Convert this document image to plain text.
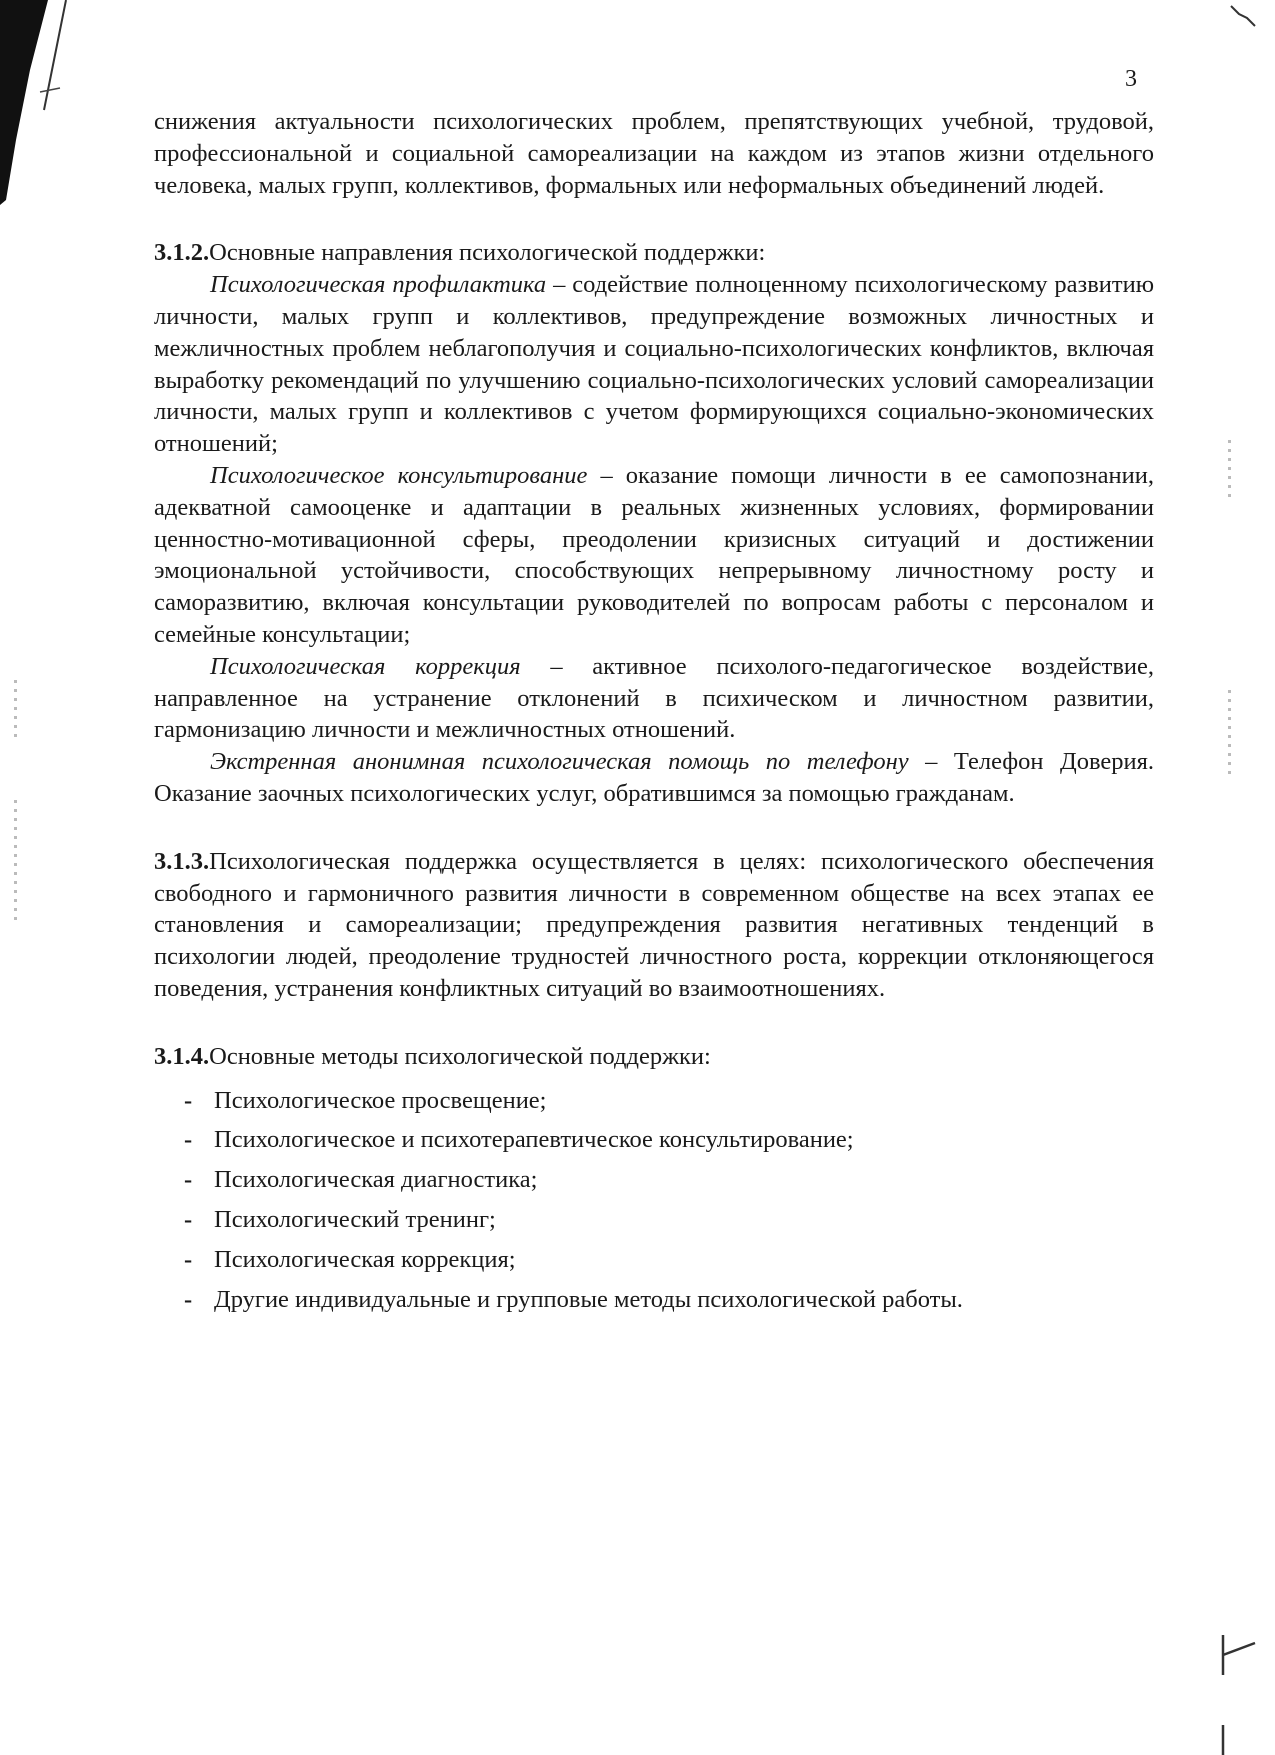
3

снижения актуальности психологических проблем, препятствующих учебной, трудовой, профессиональной и социальной самореализации на каждом из этапов жизни отдельного человека, малых групп, коллективов, формальных или неформальных объединений людей.

3.1.2.Основные направления психологической поддержки:

Психологическая профилактика – содействие полноценному психологическому развитию личности, малых групп и коллективов, предупреждение возможных личностных и межличностных проблем неблагополучия и социально-психологических конфликтов, включая выработку рекомендаций по улучшению социально-психологических условий самореализации личности, малых групп и коллективов с учетом формирующихся социально-экономических отношений;

Психологическое консультирование – оказание помощи личности в ее самопознании, адекватной самооценке и адаптации в реальных жизненных условиях, формировании ценностно-мотивационной сферы, преодолении кризисных ситуаций и достижении эмоциональной устойчивости, способствующих непрерывному личностному росту и саморазвитию, включая консультации руководителей по вопросам работы с персоналом и семейные консультации;

Психологическая коррекция – активное психолого-педагогическое воздействие, направленное на устранение отклонений в психическом и личностном развитии, гармонизацию личности и межличностных отношений.

Экстренная анонимная психологическая помощь по телефону – Телефон Доверия. Оказание заочных психологических услуг, обратившимся за помощью гражданам.

3.1.3.Психологическая поддержка осуществляется в целях: психологического обеспечения свободного и гармоничного развития личности в современном обществе на всех этапах ее становления и самореализации; предупреждения развития негативных тенденций в психологии людей, преодоление трудностей личностного роста, коррекции отклоняющегося поведения, устранения конфликтных ситуаций во взаимоотношениях.

3.1.4.Основные методы психологической поддержки:

- Психологическое просвещение;
- Психологическое и психотерапевтическое консультирование;
- Психологическая диагностика;
- Психологический тренинг;
- Психологическая коррекция;
- Другие индивидуальные и групповые методы психологической работы.
